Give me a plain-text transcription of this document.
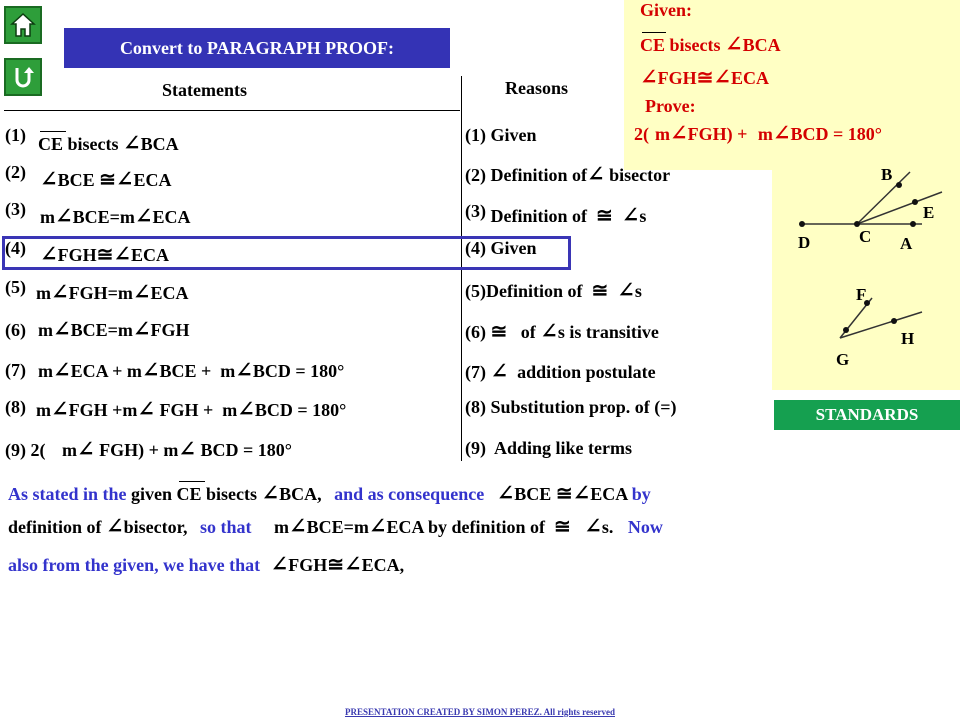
Convert to PARAGRAPH PROOF:
Given:
CE bisects ∠BCA
∠FGH≅∠ECA
Prove:
2( m∠FGH) + m∠BCD = 180°
B
E
D	C A
F
H
G
STANDARDS
Statements	Reasons
(1) CE bisects ∠BCA	(1) Given
(2) ∠BCE ≅∠ECA	(2) Definition of∠ bisector
(3) m∠BCE=m∠ECA	(3) Definition of ≅ ∠s
(4) ∠FGH≅∠ECA	(4) Given
(5) m∠FGH=m∠ECA	(5)Definition of ≅ ∠s
(6) m∠BCE=m∠FGH	(6) ≅ of ∠s is transitive
(7) m∠ECA + m∠BCE + m∠BCD = 180°	(7) ∠ addition postulate
(8) m∠FGH +m∠ FGH + m∠BCD = 180°	(8) Substitution prop. of (=)
(9) 2( m∠ FGH) + m∠ BCD = 180°	(9) Adding like terms
As stated in the given CE bisects ∠BCA, and as consequence ∠BCE ≅∠ECA by
definition of ∠bisector, so that m∠BCE=m∠ECA by definition of ≅ ∠s. Now
also from the given, we have that ∠FGH≅∠ECA,
PRESENTATION CREATED BY SIMON PEREZ. All rights reserved
